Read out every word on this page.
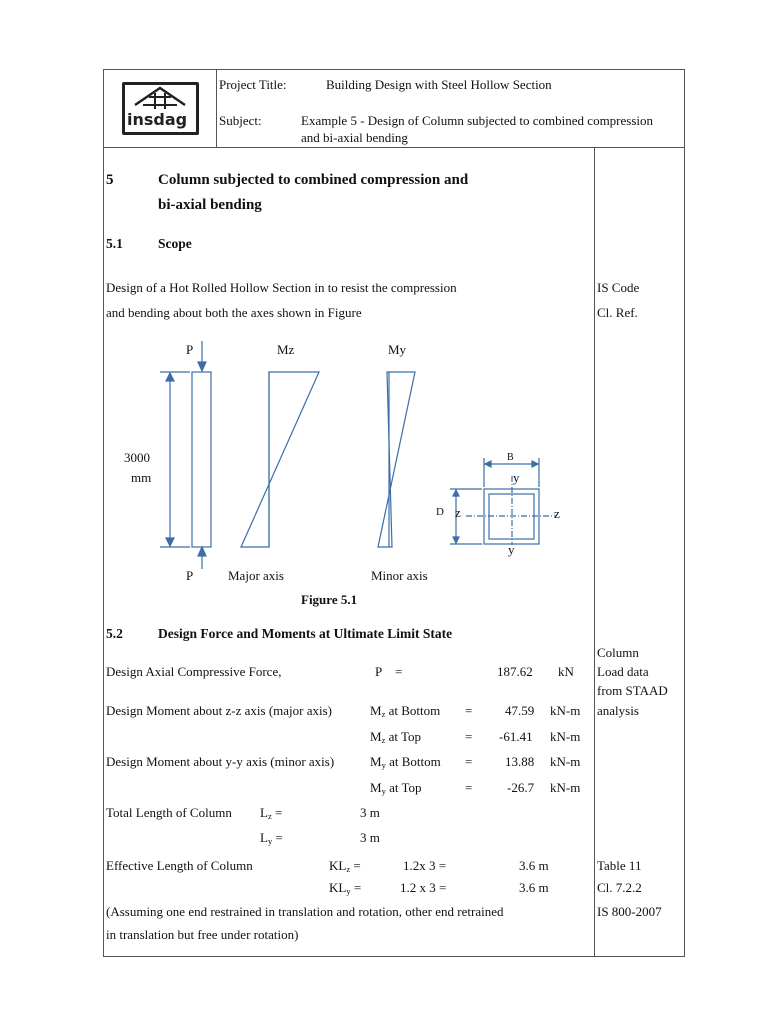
insdag
Project Title:	Building Design with Steel Hollow Section
Subject:	Example 5 - Design of Column subjected to combined compression
and bi-axial bending
5	Column subjected to combined compression and
bi-axial bending
5.1	Scope
Design of a Hot Rolled Hollow Section in to resist the compression
and bending about both the axes shown in Figure
IS Code
Cl. Ref.
P	Mz	My
3000
mm
B
y
D z	z
y
P	Major axis	Minor axis
Figure 5.1
5.2	Design Force and Moments at Ultimate Limit State
Column
Load data
from STAAD
analysis
Design Axial Compressive Force,	P =	187.62 kN
Design Moment about z-z axis (major axis)	$M_z$ at Bottom =	47.59 kN-m
$M_z$ at Top	= -61.41 kN-m
Design Moment about y-y axis (minor axis)	$M_y$ at Bottom =	13.88 kN-m
$M_y$ at Top	=	-26.7 kN-m
Total Length of Column $L_z$ =	3 m
$L_y$ =	3 m
Effective Length of Column	$KL_z$ =	1.2x 3 =	3.6 m
$KL_y$ =	1.2 x 3 =	3.6 m
Table 11
Cl. 7.2.2
IS 800-2007
(Assuming one end restrained in translation and rotation, other end retrained
in translation but free under rotation)
